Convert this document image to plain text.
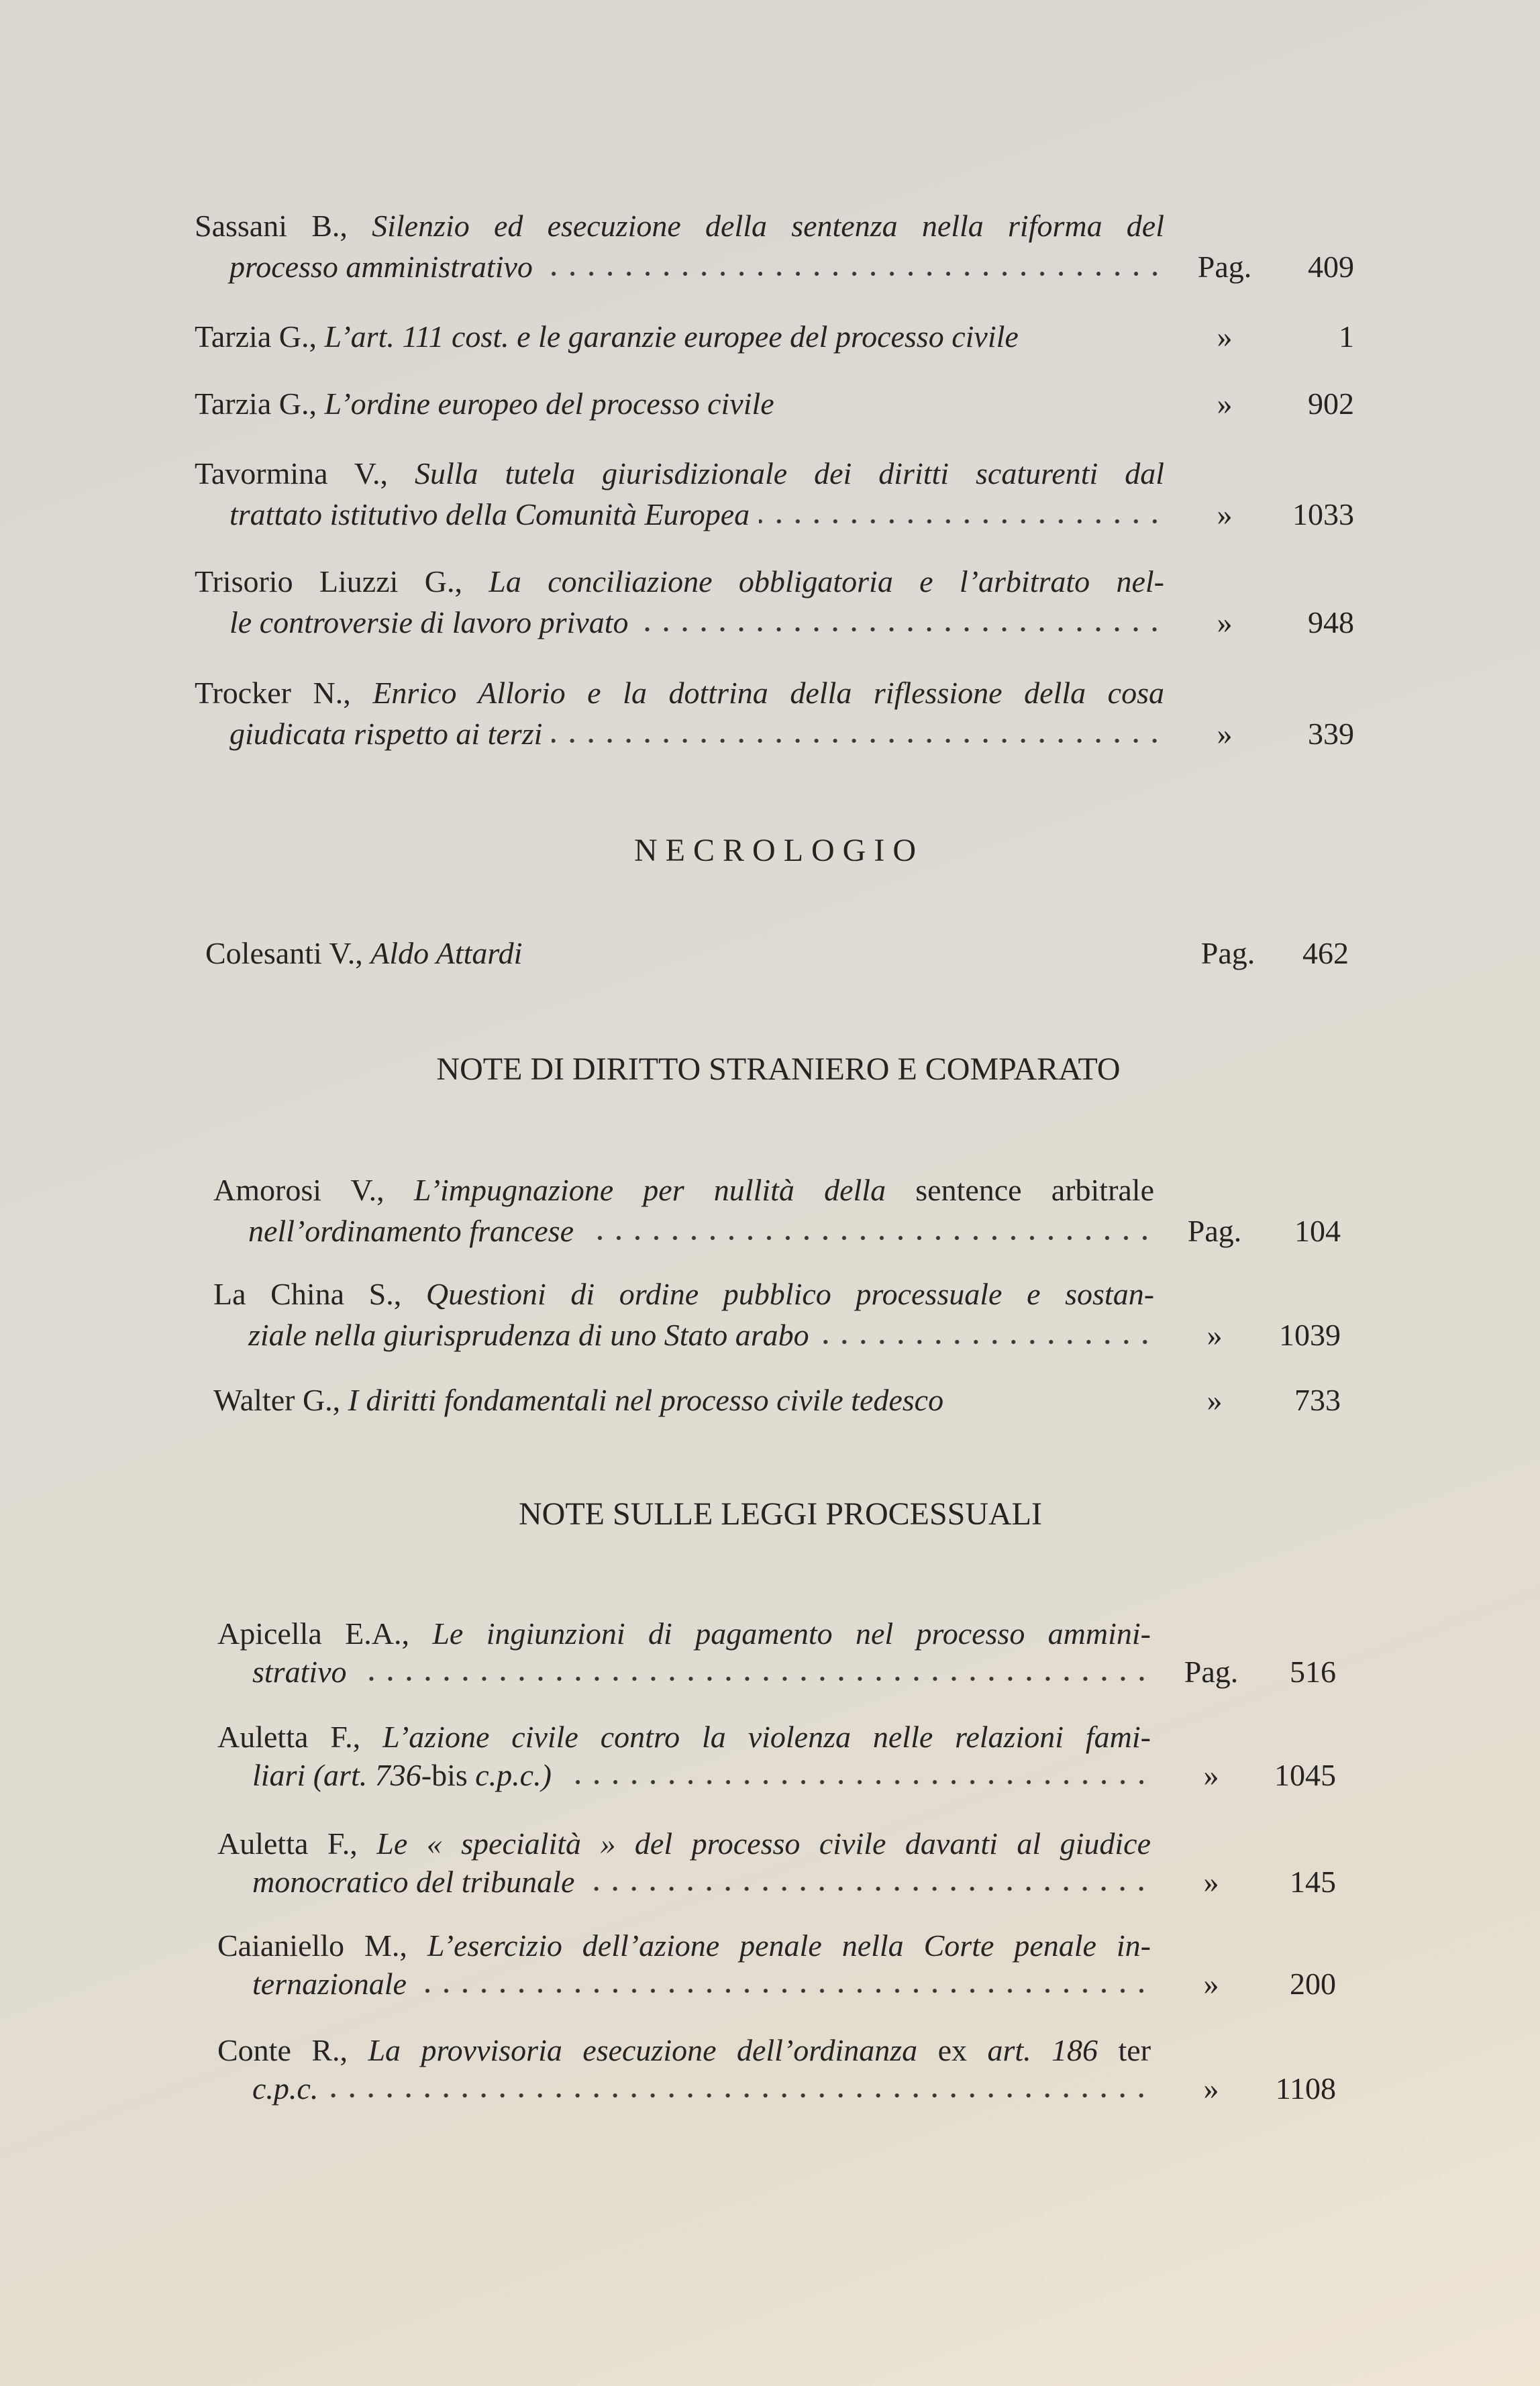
Sassani B., Silenzio ed esecuzione della sentenza nella riforma del
processo amministrativo	Pag.	409
Tarzia G., L’art. 111 cost. e le garanzie europee del processo civile	»	1
Tarzia G., L’ordine europeo del processo civile	»	902
Tavormina V., Sulla tutela giurisdizionale dei diritti scaturenti dal
trattato istitutivo della Comunità Europea	»	1033
Trisorio Liuzzi G., La conciliazione obbligatoria e l’arbitrato nel-
le controversie di lavoro privato	»	948
Trocker N., Enrico Allorio e la dottrina della riflessione della cosa
giudicata rispetto ai terzi	»	339
NECROLOGIO
Colesanti V., Aldo Attardi	Pag.	462
NOTE DI DIRITTO STRANIERO E COMPARATO
Amorosi V., L’impugnazione per nullità della sentence arbitrale
nell’ordinamento francese	Pag.	104
La China S., Questioni di ordine pubblico processuale e sostan-
ziale nella giurisprudenza di uno Stato arabo	»	1039
Walter G., I diritti fondamentali nel processo civile tedesco	»	733
NOTE SULLE LEGGI PROCESSUALI
Apicella E.A., Le ingiunzioni di pagamento nel processo ammini-
strativo	Pag.	516
Auletta F., L’azione civile contro la violenza nelle relazioni fami-
liari (art. 736-bis c.p.c.)	»	1045
Auletta F., Le « specialità » del processo civile davanti al giudice
monocratico del tribunale	»	145
Caianiello M., L’esercizio dell’azione penale nella Corte penale in-
ternazionale	»	200
Conte R., La provvisoria esecuzione dell’ordinanza ex art. 186 ter
c.p.c.	»	1108
